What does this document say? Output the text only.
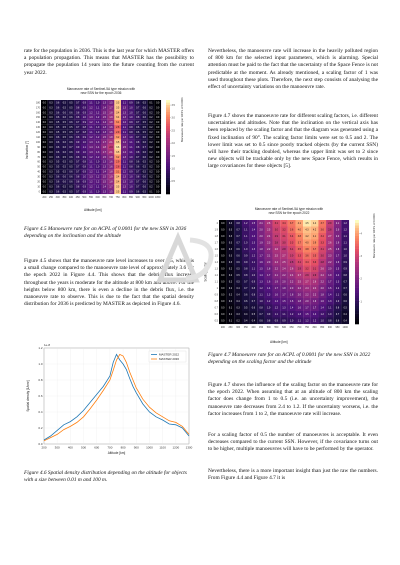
rate for the population in 2036. This is the last year for which MASTER offers a population propagation. This means that MASTER has the possibility to propagate the population 14 years into the future counting from the current year 2022.

Manoeuvre rate of Sentinel-5A type mission with
new SSN for the epoch 2036
Inclination [°]
0.0	0.3	0.6	0.5	0.5	0.7	0.9	1.1	1.0	1.3	1.5	3.5	1.1	0.9	0.6	0.5	0.1	0.0
0.0	0.3	0.6	0.5	0.5	0.8	0.9	1.2	1.1	1.4	1.7	3.5	1.3	1.0	0.7	0.6	0.2	0.0
0.0	0.3	0.6	0.6	0.6	0.8	0.9	1.2	1.2	1.5	1.8	3.4	1.3	1.0	0.7	0.6	0.2	0.0
0.0	0.3	0.6	0.6	0.6	0.8	1.0	1.3	1.2	1.5	1.9	3.4	1.3	1.0	0.8	0.6	0.2	0.0
0.0	0.3	0.5	0.5	0.6	0.7	0.9	1.2	1.1	1.4	1.8	3.1	1.2	0.9	0.7	0.5	0.2	0.0
0.0	0.3	0.5	0.5	0.5	0.7	0.8	1.1	1.0	1.3	1.6	2.8	1.1	0.8	0.6	0.5	0.2	0.0
0.0	0.3	0.5	0.5	0.5	0.7	0.8	1.1	1.0	1.3	1.6	2.9	1.1	0.8	0.6	0.5	0.2	0.0
0.0	0.3	0.6	0.5	0.6	0.8	0.9	1.2	1.2	1.5	1.8	3.2	1.3	1.0	0.7	0.6	0.2	0.0
0.0	0.3	0.6	0.6	0.6	0.9	1.0	1.3	1.3	1.7	2.1	3.5	1.4	1.1	0.8	0.6	0.2	0.0
0.0	0.3	0.6	0.6	0.7	0.9	1.1	1.4	1.4	1.8	2.3	3.6	1.5	1.1	0.8	0.7	0.2	0.0
0.0	0.3	0.6	0.6	0.6	0.9	1.0	1.3	1.3	1.7	2.1	3.5	1.4	1.1	0.8	0.6	0.2	0.0
0.0	0.3	0.6	0.5	0.6	0.8	0.9	1.2	1.2	1.5	1.8	3.2	1.3	1.0	0.7	0.6	0.2	0.0
0.0	0.3	0.5	0.5	0.5	0.7	0.8	1.1	1.0	1.3	1.6	2.9	1.1	0.8	0.6	0.5	0.2	0.0
0.0	0.3	0.5	0.5	0.5	0.7	0.8	1.1	1.0	1.3	1.6	2.8	1.1	0.8	0.6	0.5	0.2	0.0
0.0	0.3	0.5	0.5	0.6	0.7	0.9	1.2	1.1	1.4	1.8	3.1	1.2	0.9	0.7	0.5	0.2	0.0
0.0	0.3	0.6	0.6	0.6	0.8	1.0	1.3	1.2	1.5	1.9	3.4	1.3	1.0	0.8	0.6	0.2	0.0
0.0	0.3	0.6	0.6	0.6	0.8	0.9	1.2	1.2	1.5	1.8	3.4	1.3	1.0	0.7	0.6	0.2	0.0
0.0	0.3	0.6	0.5	0.5	0.8	0.9	1.2	1.1	1.4	1.7	3.5	1.3	1.0	0.7	0.6	0.2	0.0
0.0	0.3	0.6	0.5	0.5	0.7	0.9	1.1	1.0	1.3	1.5	3.5	1.1	0.9	0.6	0.5	0.1	0.0
180
170
160
150
140
130
120
110
100
90
80
70
60
50
40
30
20
10
0
200 250 300 350 400 450 500 550 600 650 700 750 800 850 900 950 1000 1050
0.5
1.0
1.5
2.0
2.5
3.0
3.5 Manoeuvre rate per ACPL of 0.0001
Altitude [km]

Figure 4.5 Manoeuvre rate for an ACPL of 0.0001 for the new SSN in 2036 depending on the inclination and the altitude

Figure 4.5 shows that the manoeuvre rate level increases to over 3.5, which is a small change compared to the manoeuvre rate level of approximately 3.6 for the epoch 2022 in Figure 4.4. This shows that the debris flux increase throughout the years is moderate for the altitude at 800 km and above. For the heights below 800 km, there is even a decline in the debris flux, i.e. the manoeuvre rate to observe. This is due to the fact that the spatial density distribution for 2036 is predicted by MASTER as depicted in Figure 4.6.

0.0
0.2
0.4
0.6
0.8
1.0
1.2
200	300	400	500	600	700	800	900 1000 1100 1200 1300
1e-8
Spatial density [1/km³]
Altitude [km]
MASTER 2022
MASTER 2036

Figure 4.6 Spatial density distribution depending on the altitude for objects with a size between 0.01 m and 100 m.

Nevertheless, the manoeuvre rate will increase in the heavily polluted region of 800 km for the selected input parameters, which is alarming. Special attention must be paid to the fact that the uncertainty of the Space Fence is not predictable at the moment. As already mentioned, a scaling factor of 1 was used throughout these plots. Therefore, the next step consists of analysing the effect of uncertainty variations on the manoeuvre rate.

Figure 4.7 shows the manoeuvre rate for different scaling factors, i.e. different uncertainties and altitudes. Note that the inclination on the vertical axis has been replaced by the scaling factor and that the diagram was generated using a fixed inclination of 90°. The scaling factor limits were set to 0.5 and 2. The lower limit was set to 0.5 since poorly tracked objects (by the current SSN) will have their tracking doubled, whereas the upper limit was set to 2 since new objects will be trackable only by the new Space Fence, which results in large covariances for these objects [5].

Manoeuvre rate of Sentinel-5A type mission with
new SSN for the epoch 2022
Scaling factor
0.0	0.4	0.8	1.2	1.5	2.1	2.6	3.1	3.4	3.7	4.1	4.5	4.4	3.7	2.9	2.1	1.2
0.0	0.3	0.7	1.1	1.4	2.0	2.5	3.0	3.2	3.6	4.0	4.3	4.2	3.6	2.8	2.0	1.2
0.0	0.3	0.7	1.1	1.4	2.0	2.4	2.9	3.1	3.4	3.8	4.2	4.1	3.4	2.7	2.0	1.1
0.0	0.3	0.7	1.0	1.3	1.9	2.3	2.8	3.0	3.3	3.7	4.0	3.9	3.3	2.6	1.9	1.1
0.0	0.3	0.6	1.0	1.3	1.8	2.2	2.6	2.8	3.1	3.5	3.8	3.7	3.1	2.5	1.8	1.0
0.0	0.3	0.6	0.9	1.2	1.7	2.1	2.5	2.7	3.0	3.3	3.6	3.5	3.0	2.3	1.7	1.0
0.0	0.3	0.6	0.9	1.1	1.6	2.0	2.4	2.5	2.8	3.1	3.4	3.3	2.8	2.2	1.6	0.9
0.0	0.2	0.5	0.8	1.1	1.5	1.8	2.2	2.4	2.6	2.9	3.2	3.1	2.6	2.0	1.5	0.9
0.0	0.2	0.5	0.8	1.0	1.4	1.7	2.1	2.2	2.4	2.7	2.9	2.9	2.4	1.9	1.4	0.8
0.0	0.2	0.5	0.7	0.9	1.3	1.6	1.9	2.0	2.2	2.5	2.7	2.6	2.2	1.7	1.3	0.7
0.0	0.2	0.4	0.7	0.8	1.2	1.4	1.7	1.8	2.0	2.2	2.4	2.4	2.0	1.6	1.2	0.7
0.0	0.2	0.4	0.6	0.8	1.1	1.3	1.6	1.7	1.8	2.0	2.2	2.2	1.8	1.4	1.1	0.6
0.0	0.2	0.4	0.6	0.7	1.0	1.2	1.4	1.5	1.6	1.8	2.0	1.9	1.6	1.3	1.0	0.6
0.0	0.1	0.3	0.5	0.6	0.8	1.0	1.2	1.3	1.4	1.6	1.7	1.7	1.4	1.1	0.8	0.5
0.0	0.1	0.3	0.4	0.5	0.7	0.9	1.1	1.1	1.2	1.3	1.5	1.4	1.2	1.0	0.7	0.4
0.0	0.1	0.2	0.4	0.4	0.6	0.8	0.9	0.9	1.0	1.1	1.2	1.2	1.0	0.8	0.6	0.4
2
1.9
1.8
1.7
1.6
1.5
1.4
1.3
1.2
1.1
1
0.9
0.8
0.7
0.6
0.5
200 250 300 350 400 450 500 550 600 650 700 750 800 850 900 950 1000
1
2
3
4	Manoeuvre rate per ACPL of 0.0001
Altitude [km]

Figure 4.7 Manoeuvre rate for an ACPL of 0.0001 for the new SSN in 2022 depending on the scaling factor and the altitude

Figure 4.7 shows the influence of the scaling factor on the manoeuvre rate for the epoch 2022. When assuming that at an altitude of 800 km the scaling factor does change from 1 to 0.5 (i.e. an uncertainty improvement), the manoeuvre rate decreases from 2.4 to 1.2. If the uncertainty worsens, i.e. the factor increases from 1 to 2, the manoeuvre rate will increase.

For a scaling factor of 0.5 the number of manoeuvres is acceptable. It even decreases compared to the current SSN. However, if the covariance turns out to be higher, multiple manoeuvres will have to be performed by the operator.

Nevertheless, there is a more important insight than just the raw the numbers. From Figure 4.4 and Figure 4.7 it is
